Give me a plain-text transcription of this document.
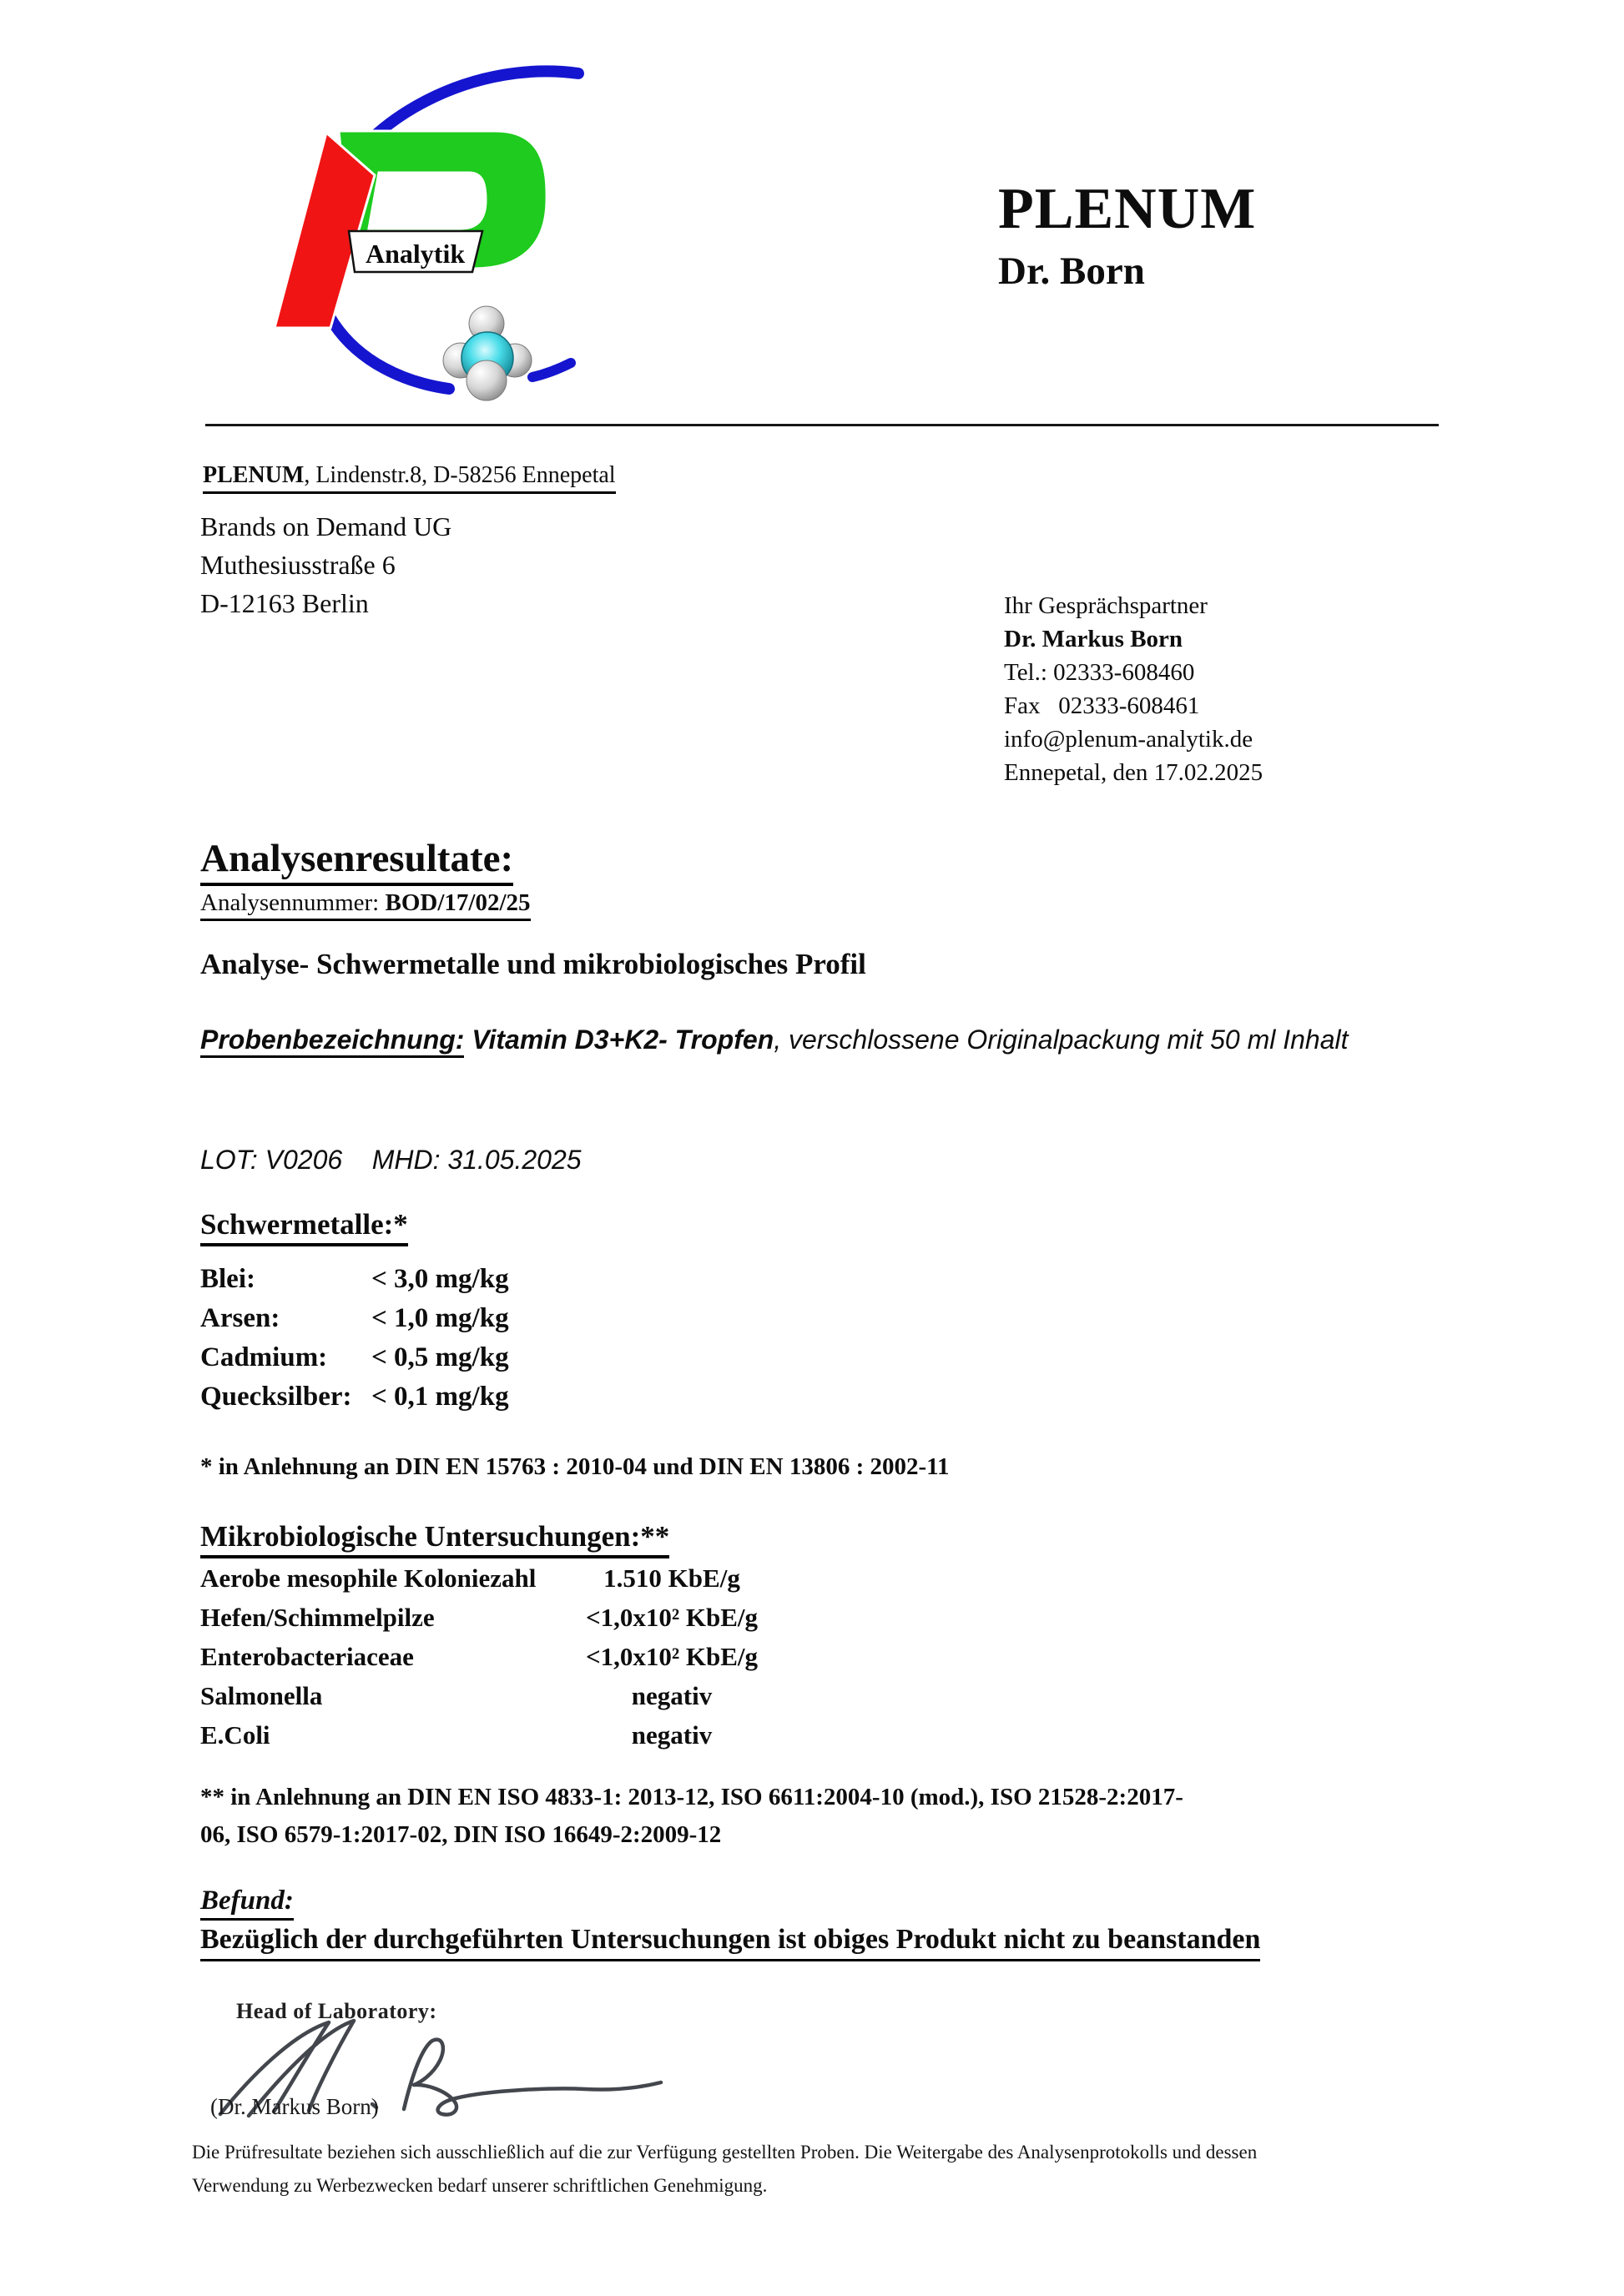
Analytik
PLENUM
Dr. Born
PLENUM, Lindenstr.8, D-58256 Ennepetal
Brands on Demand UG
Muthesiusstraße 6
D-12163 Berlin	Ihr Gesprächspartner
Dr. Markus Born
Tel.: 02333-608460
Fax   02333-608461
info@plenum-analytik.de
Ennepetal, den 17.02.2025
Analysenresultate:
Analysennummer: BOD/17/02/25
Analyse- Schwermetalle und mikrobiologisches Profil
Probenbezeichnung: Vitamin D3+K2- Tropfen, verschlossene Originalpackung mit 50 ml Inhalt
LOT: V0206    MHD: 31.05.2025
Schwermetalle:*
Blei:	< 3,0 mg/kg
Arsen:	< 1,0 mg/kg
Cadmium:	< 0,5 mg/kg
Quecksilber: < 0,1 mg/kg
* in Anlehnung an DIN EN 15763 : 2010-04 und DIN EN 13806 : 2002-11
Mikrobiologische Untersuchungen:**
Aerobe mesophile Koloniezahl	1.510 KbE/g
Hefen/Schimmelpilze	<1,0x10² KbE/g
Enterobacteriaceae	<1,0x10² KbE/g
Salmonella	negativ
E.Coli	negativ
** in Anlehnung an DIN EN ISO 4833-1: 2013-12, ISO 6611:2004-10 (mod.), ISO 21528-2:2017-
06, ISO 6579-1:2017-02, DIN ISO 16649-2:2009-12
Befund:
Bezüglich der durchgeführten Untersuchungen ist obiges Produkt nicht zu beanstanden
Head of Laboratory:
(Dr. Markus Born)
Die Prüfresultate beziehen sich ausschließlich auf die zur Verfügung gestellten Proben. Die Weitergabe des Analysenprotokolls und dessen
Verwendung zu Werbezwecken bedarf unserer schriftlichen Genehmigung.
